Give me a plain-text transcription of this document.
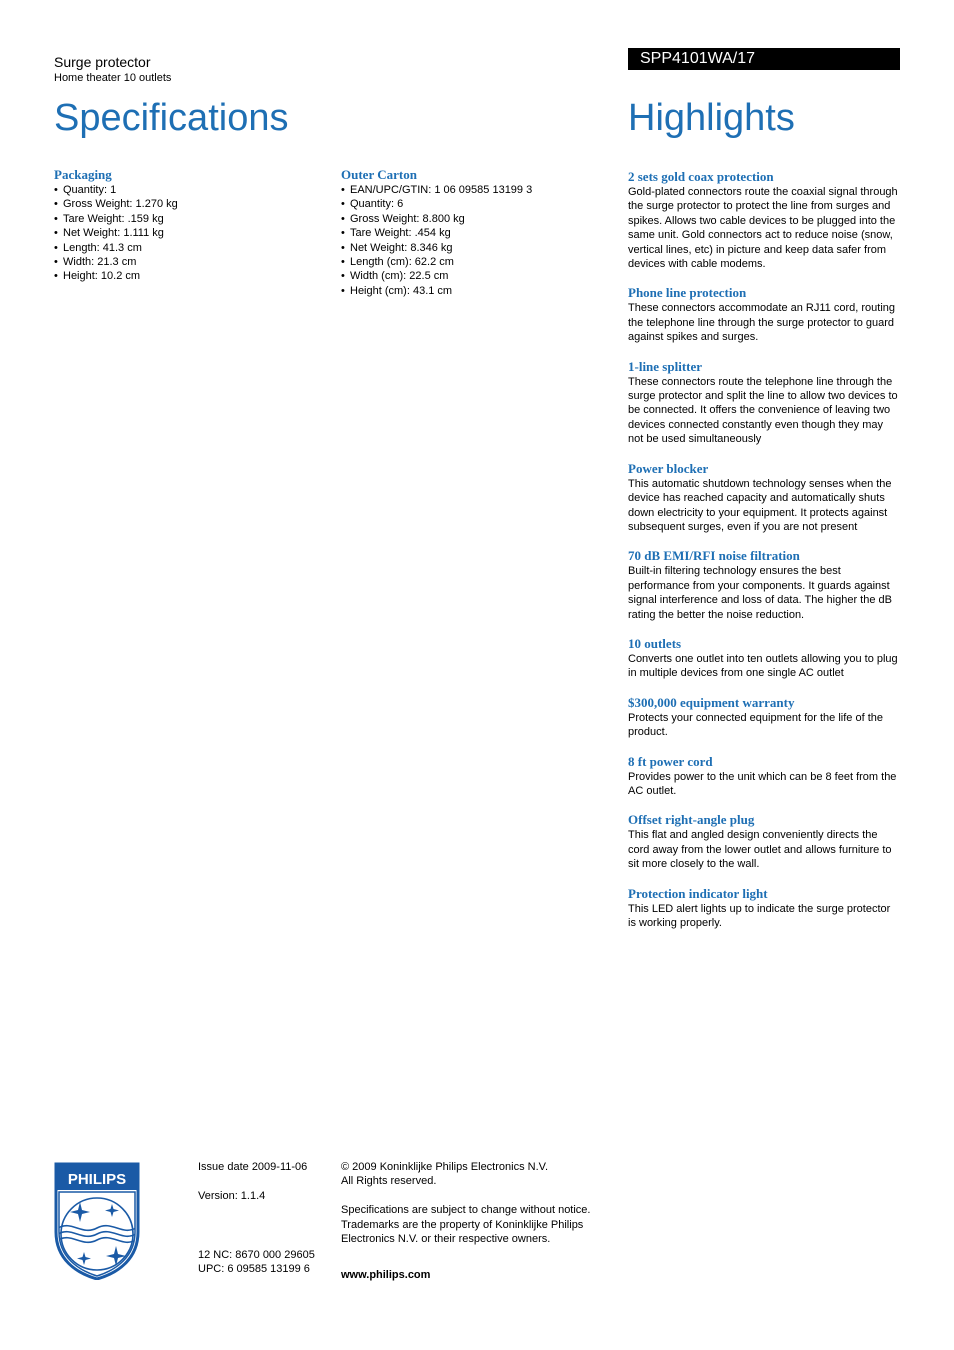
Surge protector
Home theater 10 outlets
Specifications
SPP4101WA/17
Highlights
Packaging
• Quantity: 1
• Gross Weight: 1.270 kg
• Tare Weight: .159 kg
• Net Weight: 1.111 kg
• Length: 41.3 cm
• Width: 21.3 cm
• Height: 10.2 cm
Outer Carton
• EAN/UPC/GTIN: 1 06 09585 13199 3
• Quantity: 6
• Gross Weight: 8.800 kg
• Tare Weight: .454 kg
• Net Weight: 8.346 kg
• Length (cm): 62.2 cm
• Width (cm): 22.5 cm
• Height (cm): 43.1 cm
2 sets gold coax protection
Gold-plated connectors route the coaxial signal through the surge protector to protect the line from surges and spikes. Allows two cable devices to be plugged into the same unit. Gold connectors act to reduce noise (snow, vertical lines, etc) in picture and keep data safer from devices with cable modems.
Phone line protection
These connectors accommodate an RJ11 cord, routing the telephone line through the surge protector to guard against spikes and surges.
1-line splitter
These connectors route the telephone line through the surge protector and split the line to allow two devices to be connected. It offers the convenience of leaving two devices connected constantly even though they may not be used simultaneously
Power blocker
This automatic shutdown technology senses when the device has reached capacity and automatically shuts down electricity to your equipment. It protects against subsequent surges, even if you are not present
70 dB EMI/RFI noise filtration
Built-in filtering technology ensures the best performance from your components. It guards against signal interference and loss of data. The higher the dB rating the better the noise reduction.
10 outlets
Converts one outlet into ten outlets allowing you to plug in multiple devices from one single AC outlet
$300,000 equipment warranty
Protects your connected equipment for the life of the product.
8 ft power cord
Provides power to the unit which can be 8 feet from the AC outlet.
Offset right-angle plug
This flat and angled design conveniently directs the cord away from the lower outlet and allows furniture to sit more closely to the wall.
Protection indicator light
This LED alert lights up to indicate the surge protector is working properly.
PHILIPS
Issue date 2009-11-06
Version: 1.1.4
12 NC: 8670 000 29605
UPC: 6 09585 13199 6
© 2009 Koninklijke Philips Electronics N.V.
All Rights reserved.
Specifications are subject to change without notice.
Trademarks are the property of Koninklijke Philips
Electronics N.V. or their respective owners.
www.philips.com
